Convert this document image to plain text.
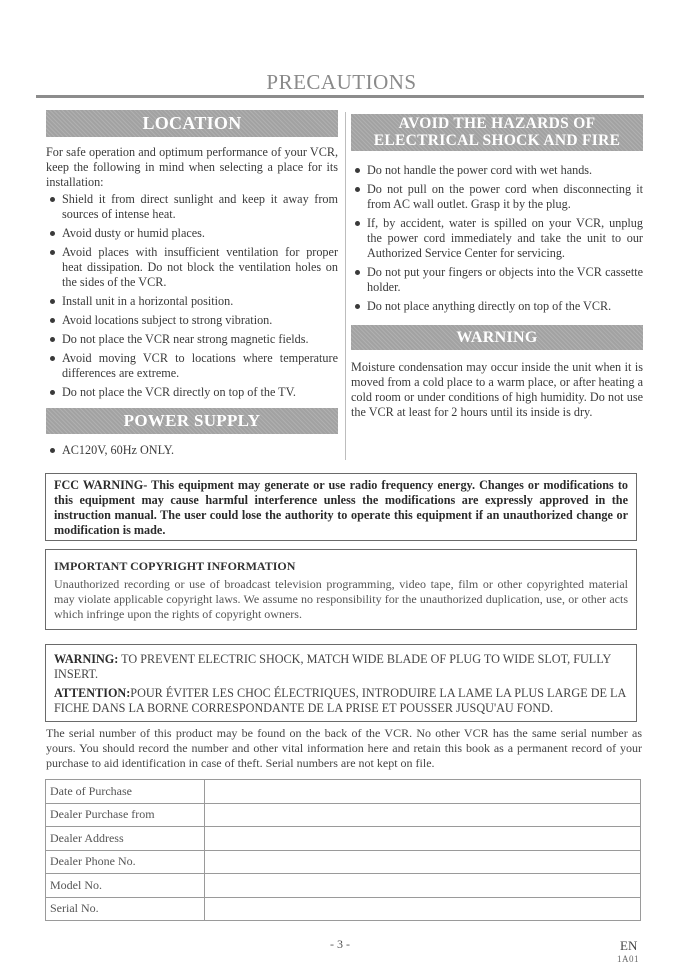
PRECAUTIONS
LOCATION
For safe operation and optimum performance of your VCR, keep the following in mind when selecting a place for its installation:
Shield it from direct sunlight and keep it away from sources of intense heat.
Avoid dusty or humid places.
Avoid places with insufficient ventilation for proper heat dissipation. Do not block the ventilation holes on the sides of the VCR.
Install unit in a horizontal position.
Avoid locations subject to strong vibration.
Do not place the VCR near strong magnetic fields.
Avoid moving VCR to locations where temperature differences are extreme.
Do not place the VCR directly on top of the TV.
POWER SUPPLY
AC120V, 60Hz ONLY.
AVOID THE HAZARDS OF
ELECTRICAL SHOCK AND FIRE
Do not handle the power cord with wet hands.
Do not pull on the power cord when disconnecting it from AC wall outlet. Grasp it by the plug.
If, by accident, water is spilled on your VCR, unplug the power cord immediately and take the unit to our Authorized Service Center for servicing.
Do not put your fingers or objects into the VCR cassette holder.
Do not place anything directly on top of the VCR.
WARNING
Moisture condensation may occur inside the unit when it is moved from a cold place to a warm place, or after heating a cold room or under conditions of high humidity. Do not use the VCR at least for 2 hours until its inside is dry.
FCC WARNING- This equipment may generate or use radio frequency energy. Changes or modifications to this equipment may cause harmful interference unless the modifications are expressly approved in the instruction manual. The user could lose the authority to operate this equipment if an unauthorized change or modification is made.
IMPORTANT COPYRIGHT INFORMATION
Unauthorized recording or use of broadcast television programming, video tape, film or other copyrighted material may violate applicable copyright laws. We assume no responsibility for the unauthorized duplication, use, or other acts which infringe upon the rights of copyright owners.
WARNING: TO PREVENT ELECTRIC SHOCK, MATCH WIDE BLADE OF PLUG TO WIDE SLOT, FULLY INSERT.
ATTENTION:POUR ÉVITER LES CHOC ÉLECTRIQUES, INTRODUIRE LA LAME LA PLUS LARGE DE LA FICHE DANS LA BORNE CORRESPONDANTE DE LA PRISE ET POUSSER JUSQU'AU FOND.
The serial number of this product may be found on the back of the VCR. No other VCR has the same serial number as yours. You should record the number and other vital information here and retain this book as a permanent record of your purchase to aid identification in case of theft. Serial numbers are not kept on file.
Date of Purchase	
Dealer Purchase from	
Dealer Address	
Dealer Phone No.	
Model No.	
Serial No.	
- 3 -	EN
1A01
